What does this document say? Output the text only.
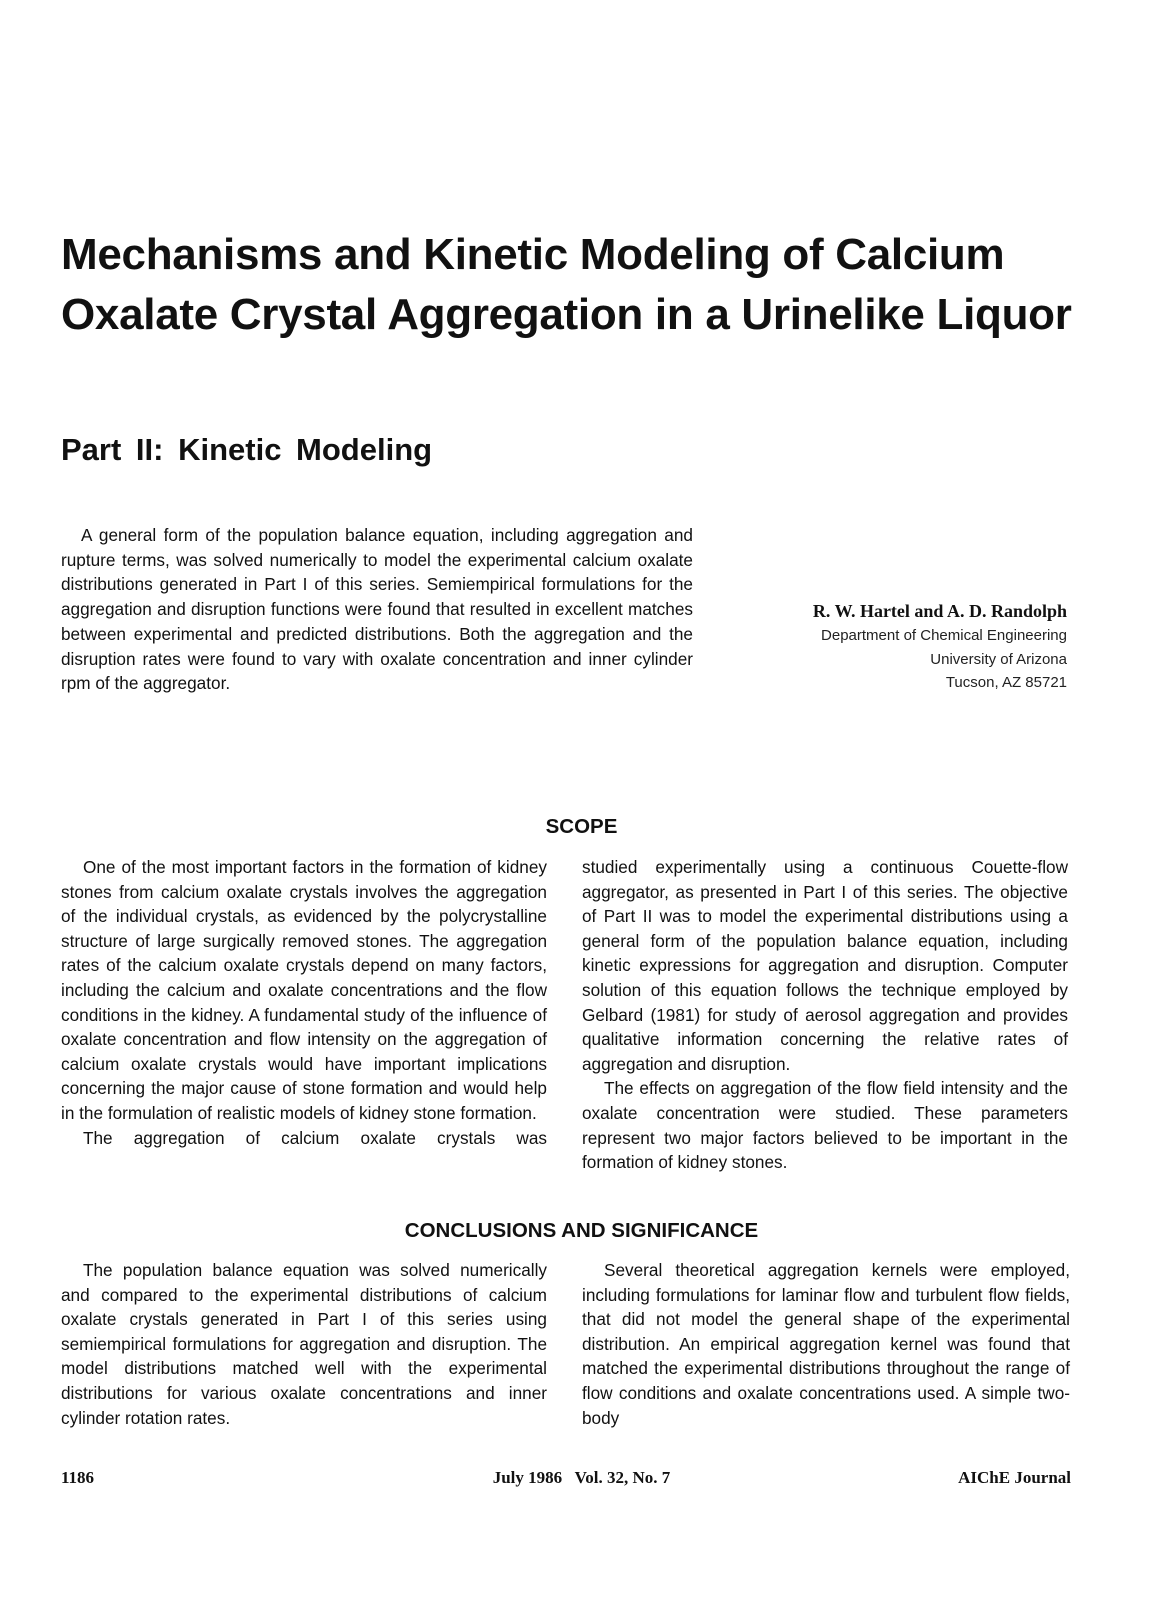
Mechanisms and Kinetic Modeling of Calcium Oxalate Crystal Aggregation in a Urinelike Liquor
Part II: Kinetic Modeling

A general form of the population balance equation, including aggregation and rupture terms, was solved numerically to model the experimental calcium oxalate distributions generated in Part I of this series. Semiempirical formulations for the aggregation and disruption functions were found that resulted in excellent matches between experimental and predicted distributions. Both the aggregation and the disruption rates were found to vary with oxalate concentration and inner cylinder rpm of the aggregator.

R. W. Hartel and A. D. Randolph
Department of Chemical Engineering
University of Arizona
Tucson, AZ 85721
SCOPE

One of the most important factors in the formation of kidney stones from calcium oxalate crystals involves the aggregation of the individual crystals, as evidenced by the polycrystalline structure of large surgically removed stones. The aggregation rates of the calcium oxalate crystals depend on many factors, including the calcium and oxalate concentrations and the flow conditions in the kidney. A fundamental study of the influence of oxalate concentration and flow intensity on the aggregation of calcium oxalate crystals would have important implications concerning the major cause of stone formation and would help in the formulation of realistic models of kidney stone formation.

The aggregation of calcium oxalate crystals was

studied experimentally using a continuous Couette-flow aggregator, as presented in Part I of this series. The objective of Part II was to model the experimental distributions using a general form of the population balance equation, including kinetic expressions for aggregation and disruption. Computer solution of this equation follows the technique employed by Gelbard (1981) for study of aerosol aggregation and provides qualitative information concerning the relative rates of aggregation and disruption.

The effects on aggregation of the flow field intensity and the oxalate concentration were studied. These parameters represent two major factors believed to be important in the formation of kidney stones.

CONCLUSIONS AND SIGNIFICANCE

The population balance equation was solved numerically and compared to the experimental distributions of calcium oxalate crystals generated in Part I of this series using semiempirical formulations for aggregation and disruption. The model distributions matched well with the experimental distributions for various oxalate concentrations and inner cylinder rotation rates.

Several theoretical aggregation kernels were employed, including formulations for laminar flow and turbulent flow fields, that did not model the general shape of the experimental distribution. An empirical aggregation kernel was found that matched the experimental distributions throughout the range of flow conditions and oxalate concentrations used. A simple two-body

1186	July 1986   Vol. 32, No. 7	AIChE Journal
